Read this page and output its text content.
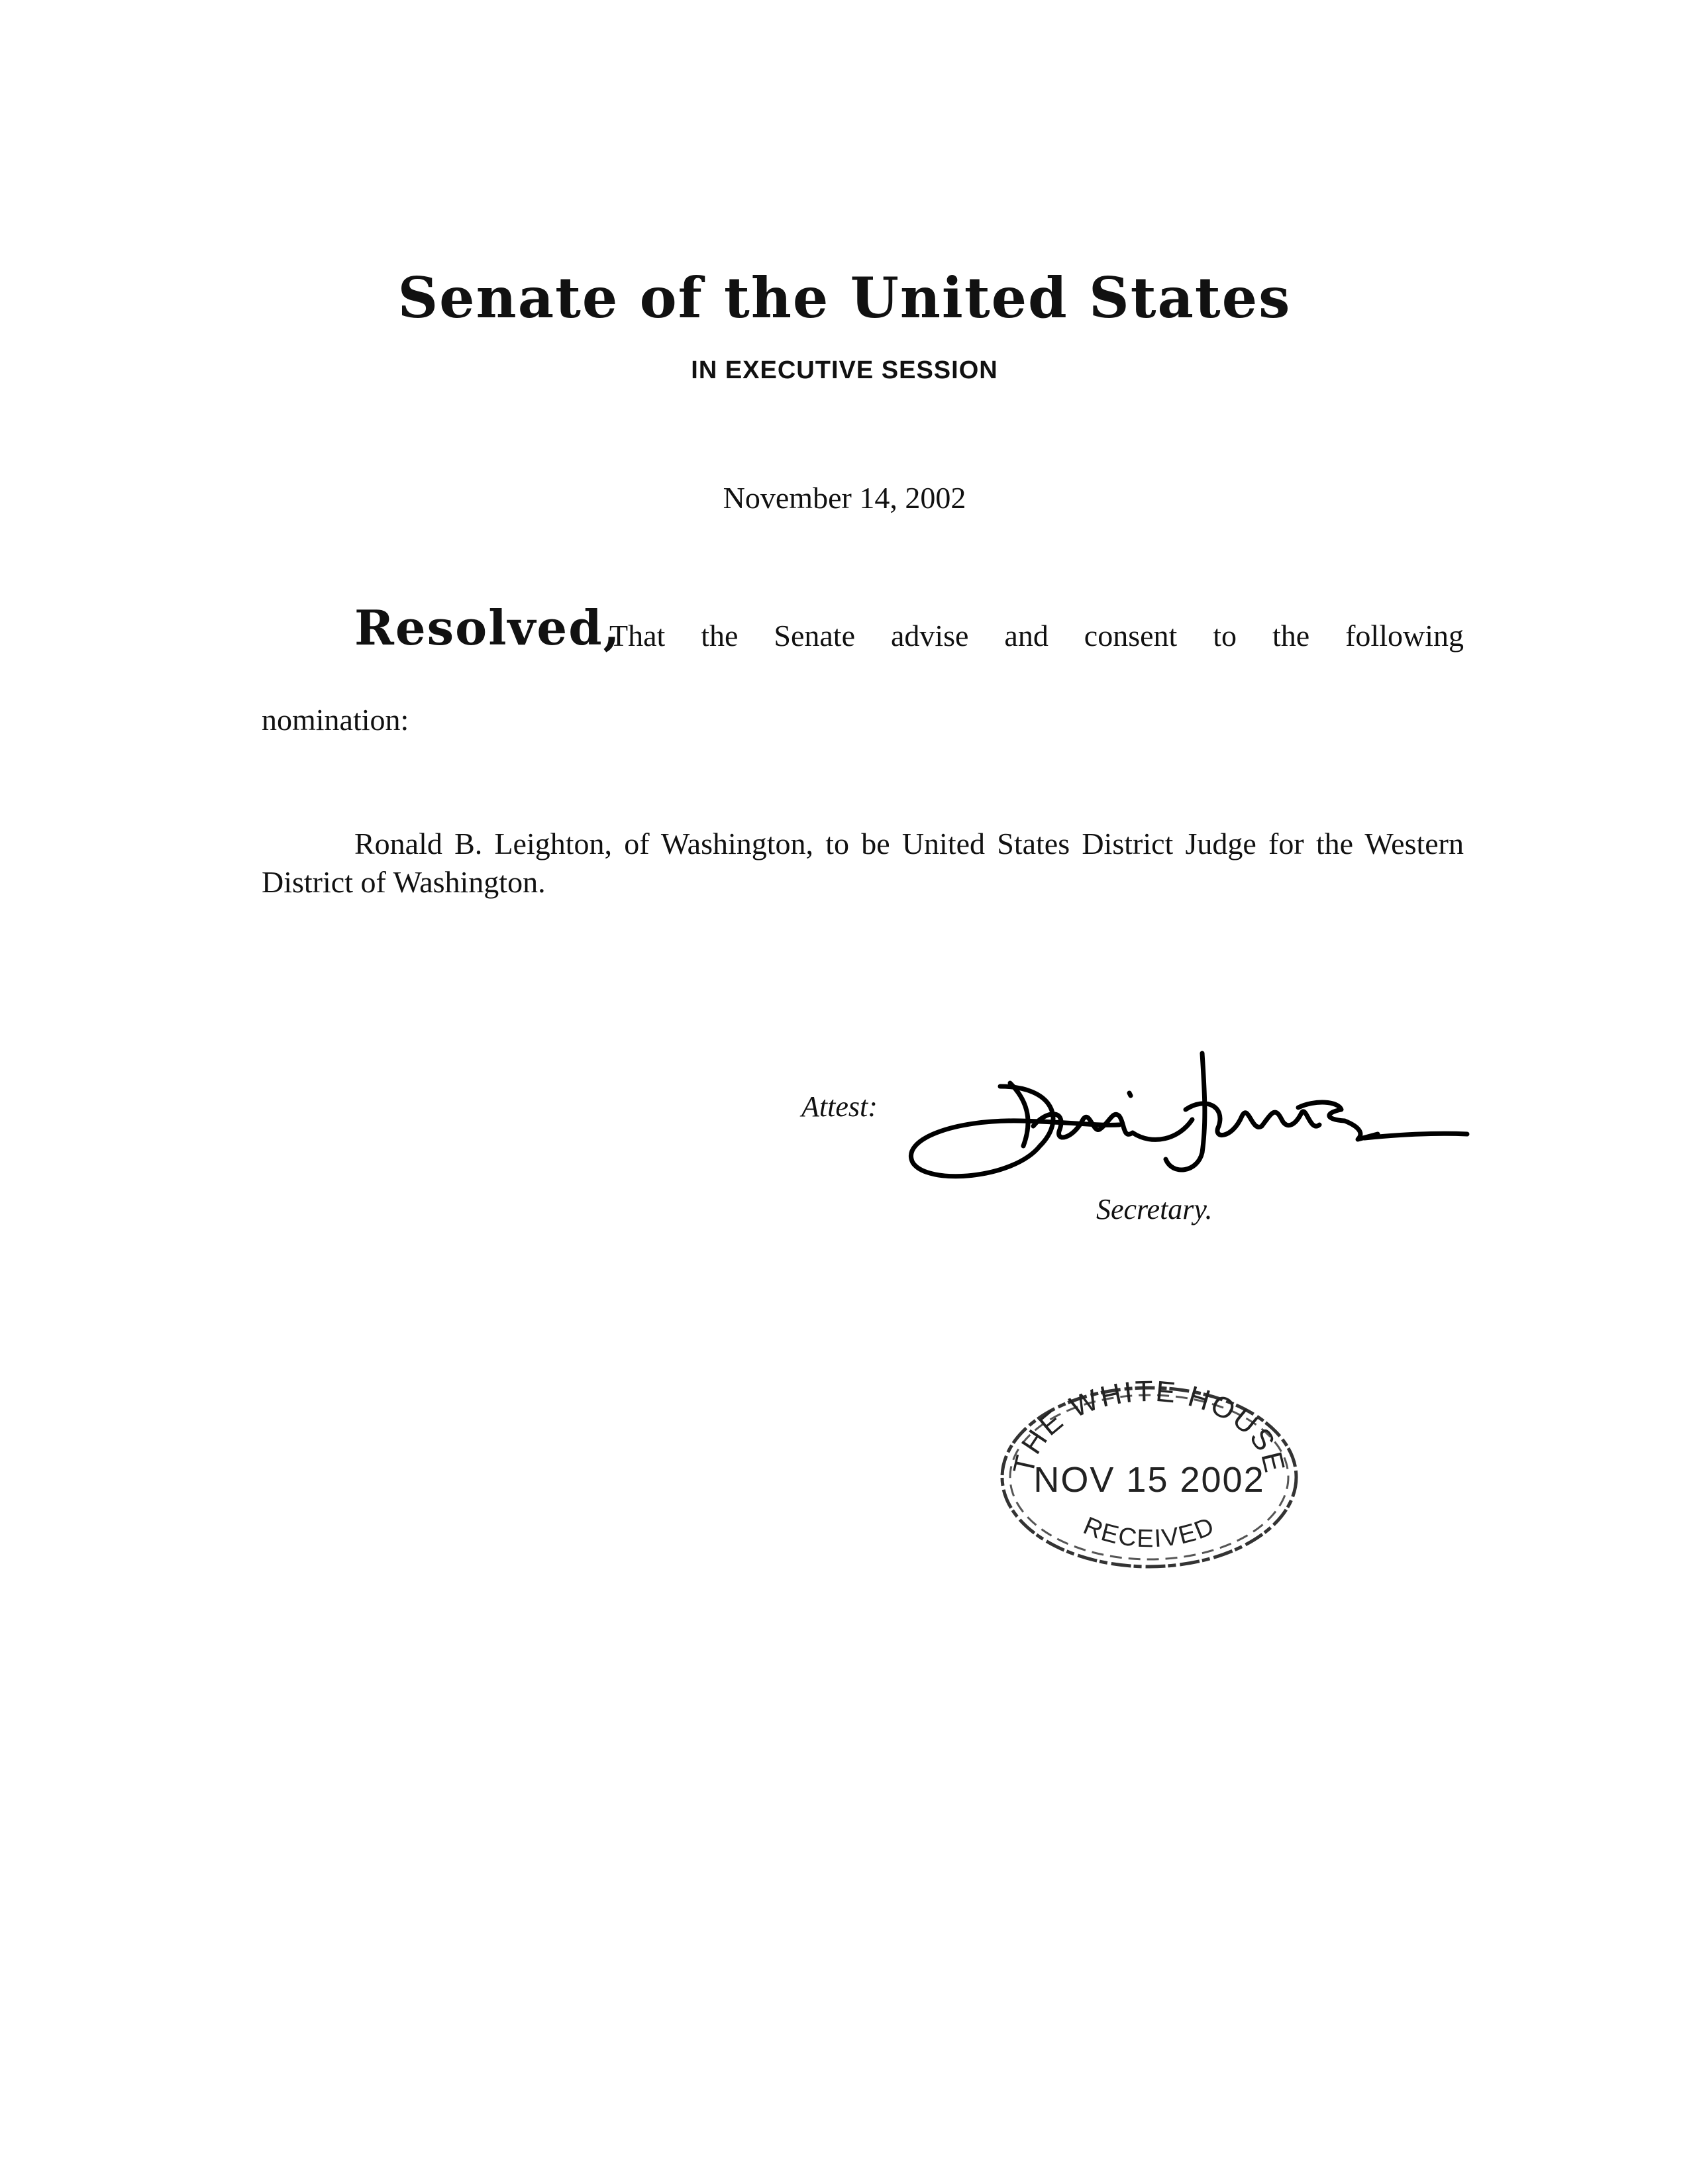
Senate of the United States
IN EXECUTIVE SESSION
November 14, 2002
Resolved,
That the Senate advise and consent to the following
nomination:
Ronald B. Leighton, of Washington, to be United States District Judge for the Western District of Washington.
Attest:
Secretary.
THE WHITE HOUSE
NOV 15 2002
RECEIVED
